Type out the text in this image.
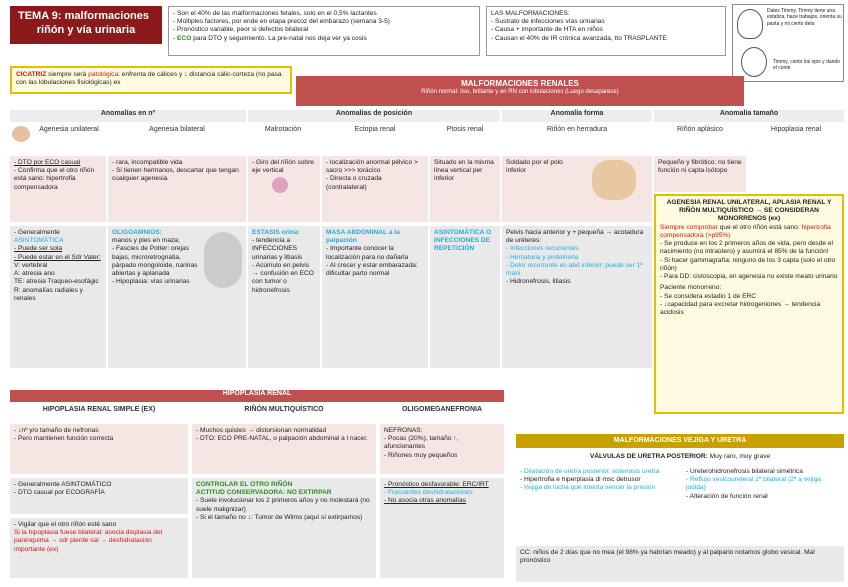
TEMA 9: malformaciones
riñón y vía urinaria
- Son el 40% de las malformaciones fetales, solo en el 0,5% lactantes
- Múltiples factores, por ende en etapa precoz del embarazo (semana 3-5)
- Pronóstico variable, peor si defectos bilateral
- ECO para DTO y seguimiento. La pre-natal nos deja ver ya cosis
LAS MALFORMACIONES:
- Sustrato de infecciones vías urinarias
- Causa + importante de HTA en niños
- Causan el 40% de IR crónica avanzada, tto TRASPLANTE
Dales Timmy. Timmy tiene una estatiza, hace trabajos, orienta su pasta y mi cierto dela
Timmy, cierto los ojos y dando el conte
CICATRIZ siempre será patológica: enfrenta de cálices y ↓ distancia cálic-corteza (no pasa con las lobulaciones fisiológicas) ex	MALFORMACIONES RENALES
Riñón normal: liso, brillante y en RN con lobulaciones (Luego desaparece)
Anomalías en nº	Anomalías de posición	Anomalía forma	Anomalía tamaño
Agenesia unilateral	Agenesia bilateral	Malrotación	Ectopia renal	Ptosis renal	Riñón en herradura	Riñón aplásico	Hipoplasia renal
- DTO por ECO casual
- Confirma que el otro riñón está sano: hipertrofia compensadora
- rara, incompatible vida
- Si tienen hermanos, descartar que tengan cualquier agenesia
- Giro del riñón sobre eje vertical
- localización anormal pélvico > sacro >>> torácico
- Directa o cruzada (contralateral)
Situado en la misma línea vertical per inferior
Soldado por el polo inferior
Pequeño y fibrótico: no tiene función ni capta isótopo
- Generalmente ASINTOMÁTICA
- Puede ser sola
- Puede estar en el Sdr Vater:
V: vertebral
A: atresia ano
TE: atresia Traqueo-esofágic
R: anomalías radiales y renales
OLIGOAMNIOS:
manos y pies en maza;
- Fascies de Potter: orejas bajas, microretrognatia, párpado mongoloide, narinas abiertas y aplanada
- Hipoplasia: vías urinarias
ESTASIS orina:
- tendencia a INFECCIONES urinarias y litiasis
- Acúmulo en pelvis → confusión en ECO con tumor o hidronefrosis
MASA ABDOMINAL a la palpación
- Importante conocer la localización para no dañarla
- Al crecer y estar embarazada: dificultar parto normal
ASINTOMÁTICA O INFECCIONES DE REPETICIÓN
Pelvis hacia anterior y + pequeña → acotadura de uréteres:
- Infecciones recurrentes
- Hematuria y proteinuria
- Dolor recurrente en abd inferior: puede ser 1ª mani
- Hidronefrosis, litiasis
AGENESIA RENAL UNILATERAL, APLASIA RENAL Y RIÑÓN MULTIQUÍSTICO → SE CONSIDERAN MONORRENOS (ex)
Siempre comprobar que el otro riñón está sano: hipertrofia compensadora (>p95%)
- Se produce en los 2 primeros años de vida, pero desde el nacimiento (no intraútero) y asumirá el 85% de la función!
- Si hacer gammagrafía: ninguno de los 3 capta (solo el otro riñón)
- Para DD: cistoscopia, en agenesia no existe meato urinario
Paciente monorreno:
- Se considera estadio 1 de ERC
- ↓capacidad para excretar hidrogeniones → tendencia acidosis
HIPOPLASIA RENAL
HIPOPLASIA RENAL SIMPLE (EX)	RIÑÓN MULTIQUÍSTICO	OLIGOMEGANEFRONIA
- ↓nº y/o tamaño de nefronas
- Pero mantienen función correcta
- Muchos quistes → distorsionan normalidad
- DTO: ECO PRE-NATAL, o palpación abdominal a l nacer.
NEFRONAS:
- Pocas (20%), tamaño ↑, afuncionantes
- Riñones muy pequeños
- Generalmente ASINTOMÁTICO
- DTO casual por ECOGRAFÍA
CONTROLAR EL OTRO RIÑÓN
ACTITUD CONSERVADORA: NO EXTIRPAR
- Suele involucionar los 2 primeros años y no molestará (no suele malignizar)
- Si el tamaño no ↓: Tumor de Wilms (aquí sí extirpamos)
- Pronóstico desfavorable: ERC/IRT
- Frecuentes deshidrataciones
- No asocia otras anomalías
- Vigilar que el otro riñón esté sano
Si la hipoplasia fuese bilateral: asocia displasia del parénquima → sdr pierde sal → deshidratación importante (ex)
MALFORMACIONES VEJIGA Y URETRA
VÁLVULAS DE URETRA POSTERIOR: Muy raro, muy grave
- Dilatación de uretra posterior: estenosis uretra
- Hipertrofia e hiperplasia di msc detrusor
- Vejiga de lucha que intenta vencer la presión
- Ureterohidronefrosis bilateral simétrica
- Reflujo vesicoureteral 2º bilateral (2ª a vejiga jodida)
- Alteración de función renal
CC: niños de 2 días que no mea (el 98% ya habrían meado) y al palparlo notamos globo vesical. Mal pronóstico
